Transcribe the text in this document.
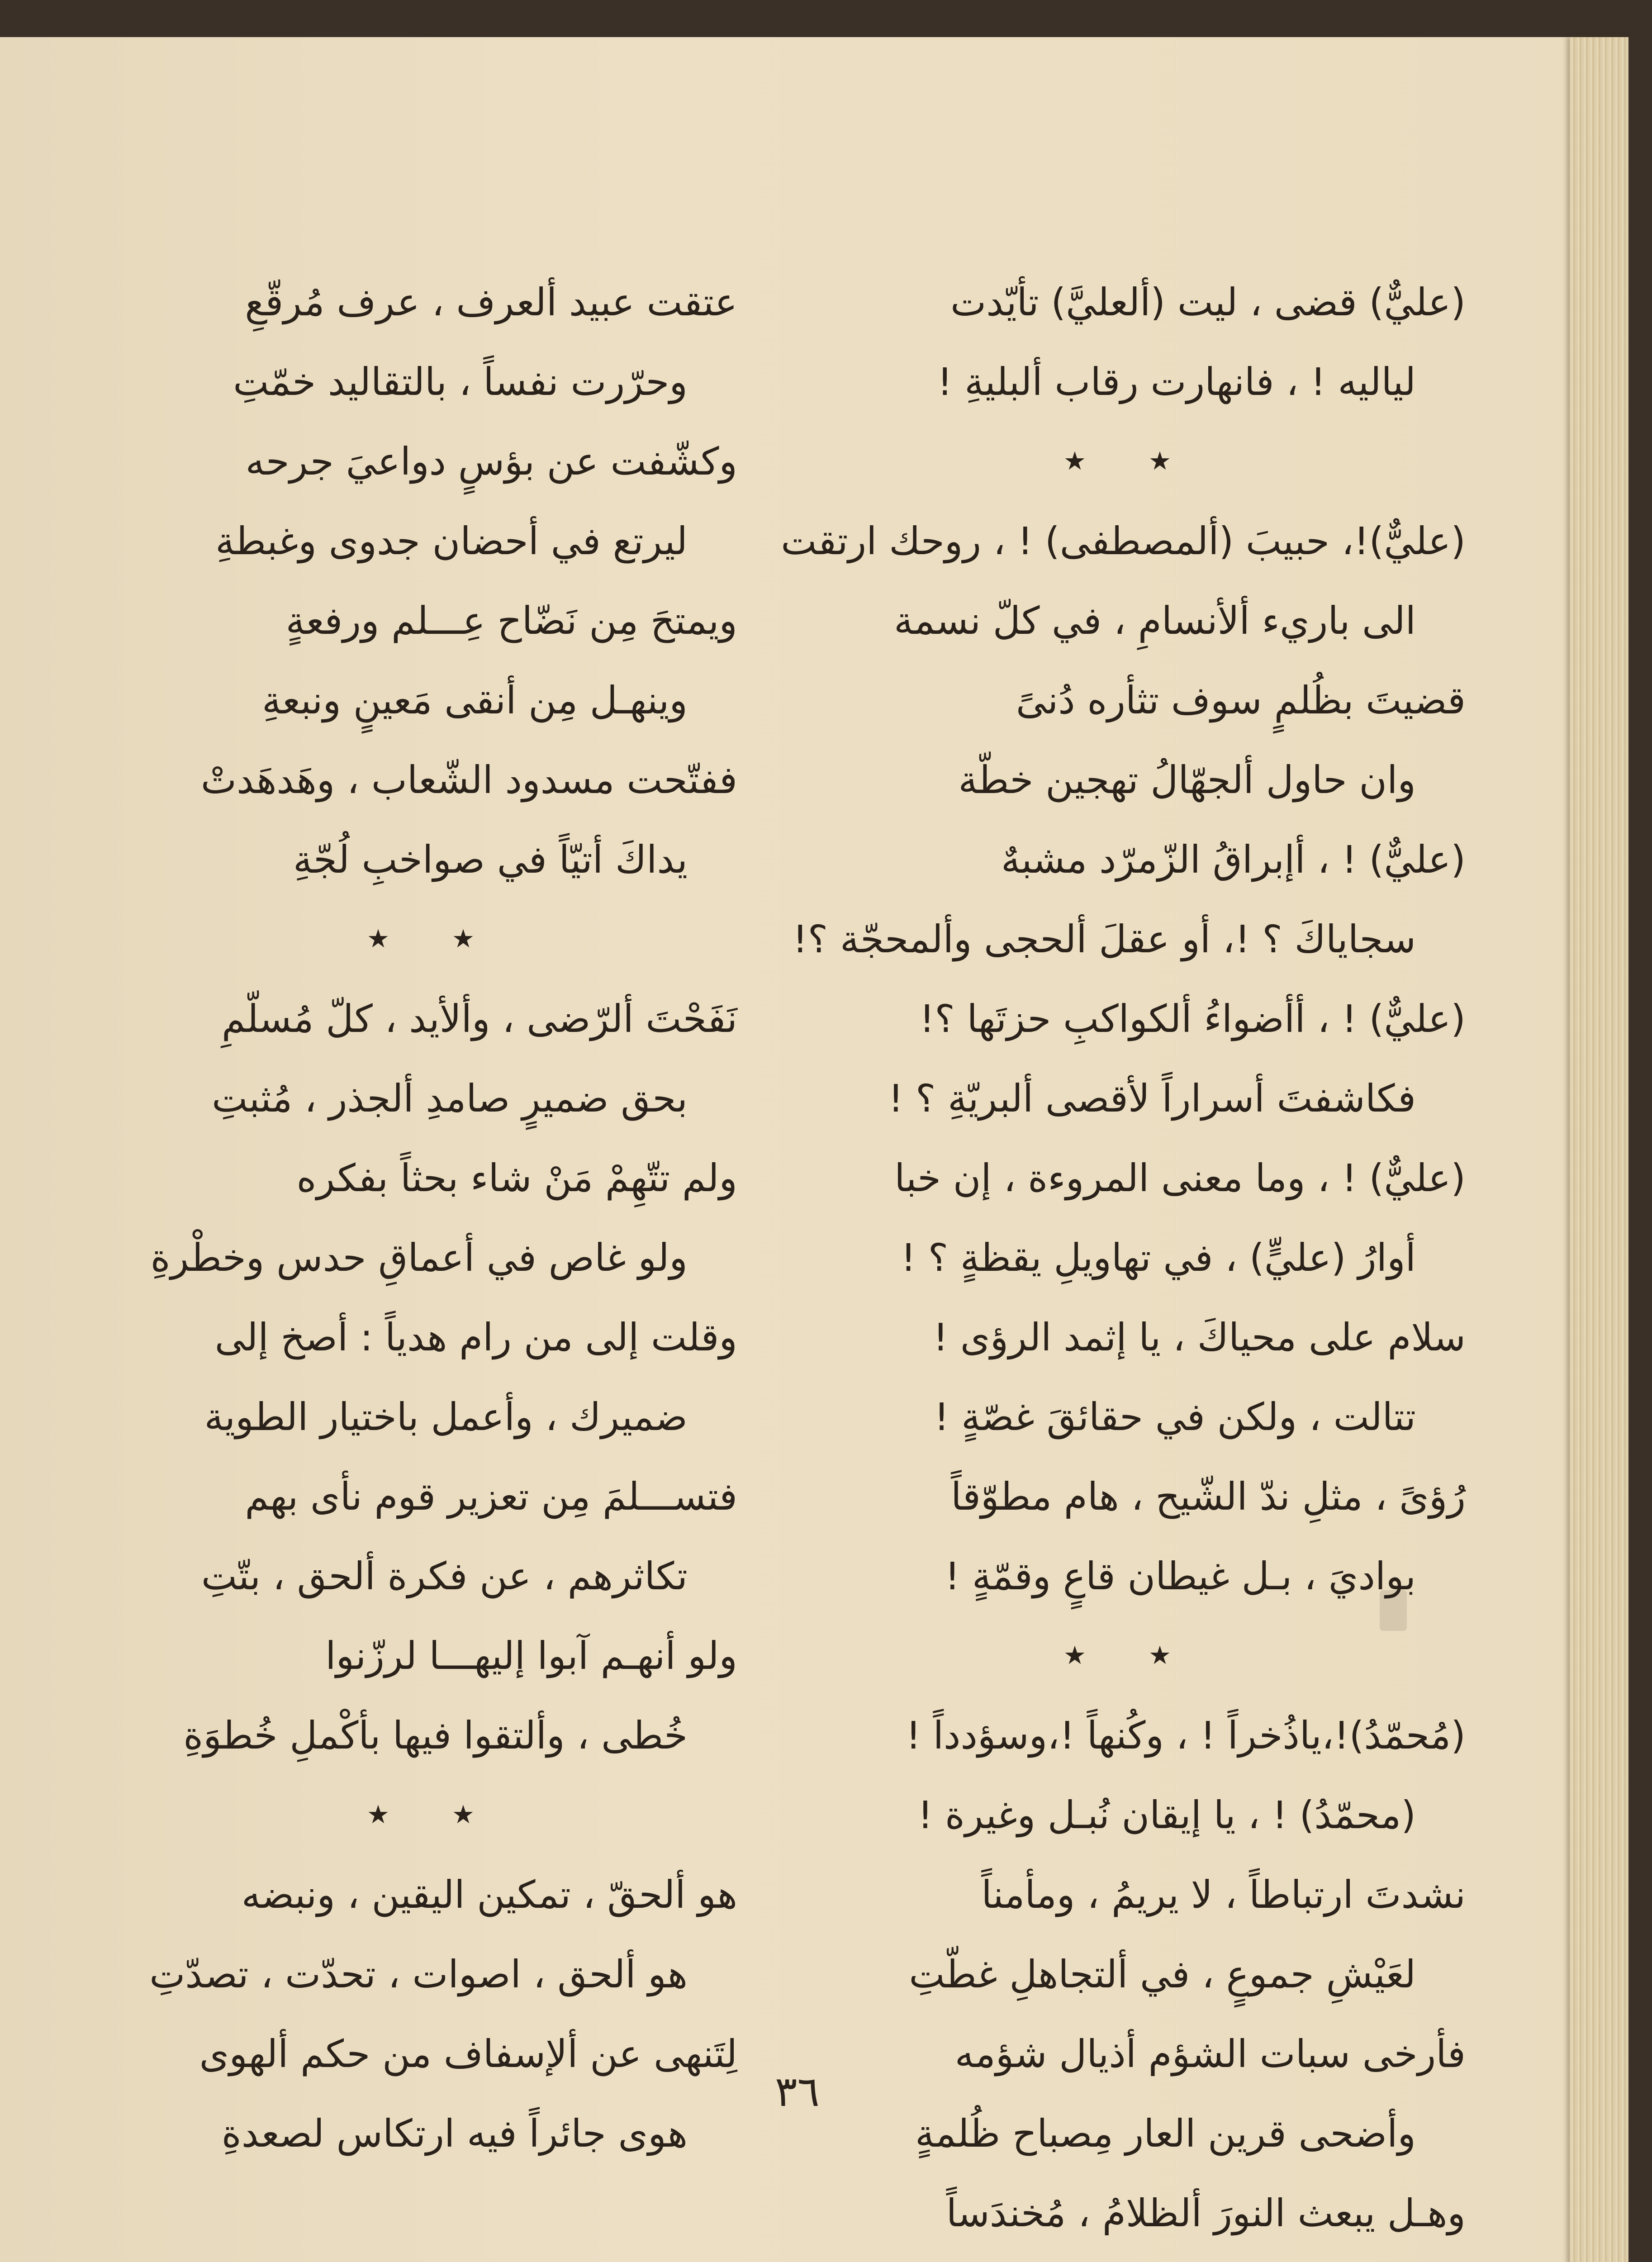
(عليٌّ) قضى ، ليت (ألعليَّ) تأيّدت
لياليه ! ، فانهارت رقاب ألبليةِ !
★ ★
(عليٌّ)!، حبيبَ (ألمصطفى) ! ، روحك ارتقت
الى باريء ألأنسامِ ، في كلّ نسمة
قضيتَ بظُلمٍ سوف تثأره دُنىً
وان حاول ألجهّالُ تهجين خطّة
(عليٌّ) ! ، أإبراقُ الزّمرّد مشبهٌ
سجاياكَ ؟ !، أو عقلَ ألحجى وألمحجّة ؟!
(عليٌّ) ! ، أأضواءُ ألكواكبِ حزتَها ؟!
فكاشفتَ أسراراً لأقصى ألبريّةِ ؟ !
(عليٌّ) ! ، وما معنى المروءة ، إن خبا
أوارُ (عليٍّ) ، في تهاويلِ يقظةٍ ؟ !
سلام على محياكَ ، يا إثمد الرؤى !
تتالت ، ولكن في حقائقَ غصّةٍ !
رُؤىً ، مثلِ ندّ الشّيح ، هام مطوّقاً
بواديَ ، بـل غيطان قاعٍ وقمّةٍ !
★ ★
(مُحمّدُ)!،ياذُخراً ! ، وكُنهاً !،وسؤدداً !
(محمّدُ) ! ، يا إيقان نُبـل وغيرة !
نشدتَ ارتباطاً ، لا يريمُ ، ومأمناً
لعَيْشِ جموعٍ ، في ألتجاهلِ غطّتِ
فأرخى سبات الشؤم أذيال شؤمه
وأضحى قرين العار مِصباح ظُلمةٍ
وهـل يبعث النورَ ألظلامُ ، مُخندَساً
عتقت عبيد ألعرف ، عرف مُرقّعِ
وحرّرت نفساً ، بالتقاليد خمّتِ
وكشّفت عن بؤسٍ دواعيَ جرحه
ليرتع في أحضان جدوى وغبطةِ
ويمتحَ مِن نَضّاح عِـــلم ورفعةٍ
وينهـل مِن أنقى مَعينٍ ونبعةِ
ففتّحت مسدود الشّعاب ، وهَدهَدتْ
يداكَ أتيّاً في صواخبِ لُجّةِ
★ ★
نَفَحْتَ ألرّضى ، وألأيد ، كلّ مُسلّمِ
بحق ضميرٍ صامدِ ألجذر ، مُثبتِ
ولم تتّهِمْ مَنْ شاء بحثاً بفكره
ولو غاص في أعماقِ حدس وخطْرةِ
وقلت إلى من رام هدياً : أصخ إلى
ضميرك ، وأعمل باختيار الطوية
فتســـلمَ مِن تعزير قوم نأى بهم
تكاثرهم ، عن فكرة ألحق ، بتّتِ
ولو أنهـم آبوا إليهـــا لرزّنوا
خُطى ، وألتقوا فيها بأكْملِ خُطوَةِ
★ ★
هو ألحقّ ، تمكين اليقين ، ونبضه
هو ألحق ، اصوات ، تحدّت ، تصدّتِ
لِتَنهى عن ألإسفاف من حكم ألهوى
هوى جائراً فيه ارتكاس لصعدةِ
٣٦
